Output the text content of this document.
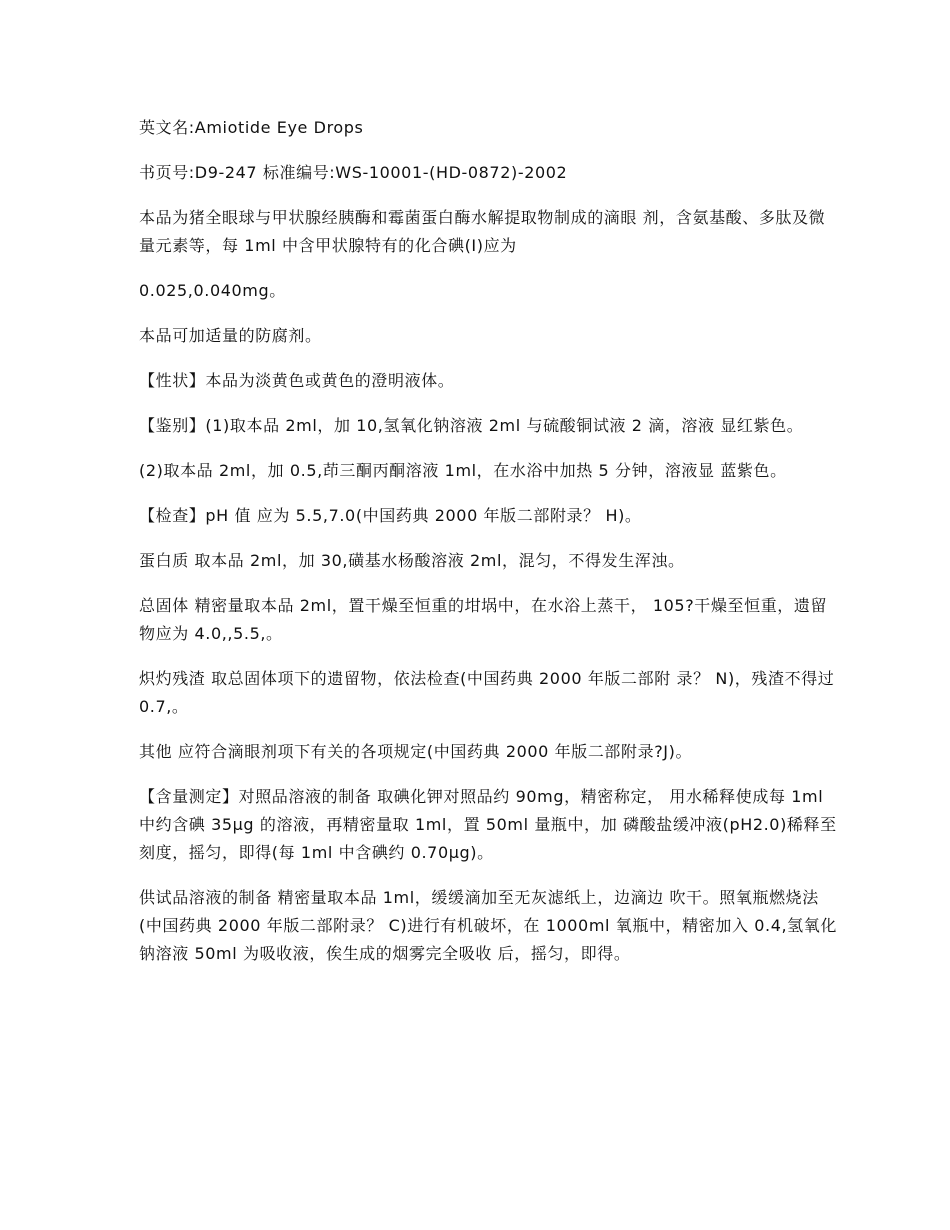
英文名:Amiotide Eye Drops

书页号:D9-247 标准编号:WS-10001-(HD-0872)-2002

本品为猪全眼球与甲状腺经胰酶和霉菌蛋白酶水解提取物制成的滴眼 剂，含氨基酸、多肽及微量元素等，每 1ml 中含甲状腺特有的化合碘(I)应为

0.025,0.040mg。

本品可加适量的防腐剂。

【性状】本品为淡黄色或黄色的澄明液体。

【鉴别】(1)取本品 2ml，加 10,氢氧化钠溶液 2ml 与硫酸铜试液 2 滴，溶液 显红紫色。

(2)取本品 2ml，加 0.5,茚三酮丙酮溶液 1ml，在水浴中加热 5 分钟，溶液显 蓝紫色。

【检查】pH 值 应为 5.5,7.0(中国药典 2000 年版二部附录？ H)。

蛋白质 取本品 2ml，加 30,磺基水杨酸溶液 2ml，混匀，不得发生浑浊。

总固体 精密量取本品 2ml，置干燥至恒重的坩埚中，在水浴上蒸干， 105?干燥至恒重，遗留物应为 4.0,,5.5,。

炽灼残渣 取总固体项下的遗留物，依法检查(中国药典 2000 年版二部附 录？ N)，残渣不得过 0.7,。

其他 应符合滴眼剂项下有关的各项规定(中国药典 2000 年版二部附录?J)。

【含量测定】对照品溶液的制备 取碘化钾对照品约 90mg，精密称定， 用水稀释使成每 1ml 中约含碘 35μg 的溶液，再精密量取 1ml，置 50ml 量瓶中，加 磷酸盐缓冲液(pH2.0)稀释至刻度，摇匀，即得(每 1ml 中含碘约 0.70μg)。

供试品溶液的制备 精密量取本品 1ml，缓缓滴加至无灰滤纸上，边滴边 吹干。照氧瓶燃烧法(中国药典 2000 年版二部附录？ C)进行有机破坏，在 1000ml 氧瓶中，精密加入 0.4,氢氧化钠溶液 50ml 为吸收液，俟生成的烟雾完全吸收 后，摇匀，即得。
